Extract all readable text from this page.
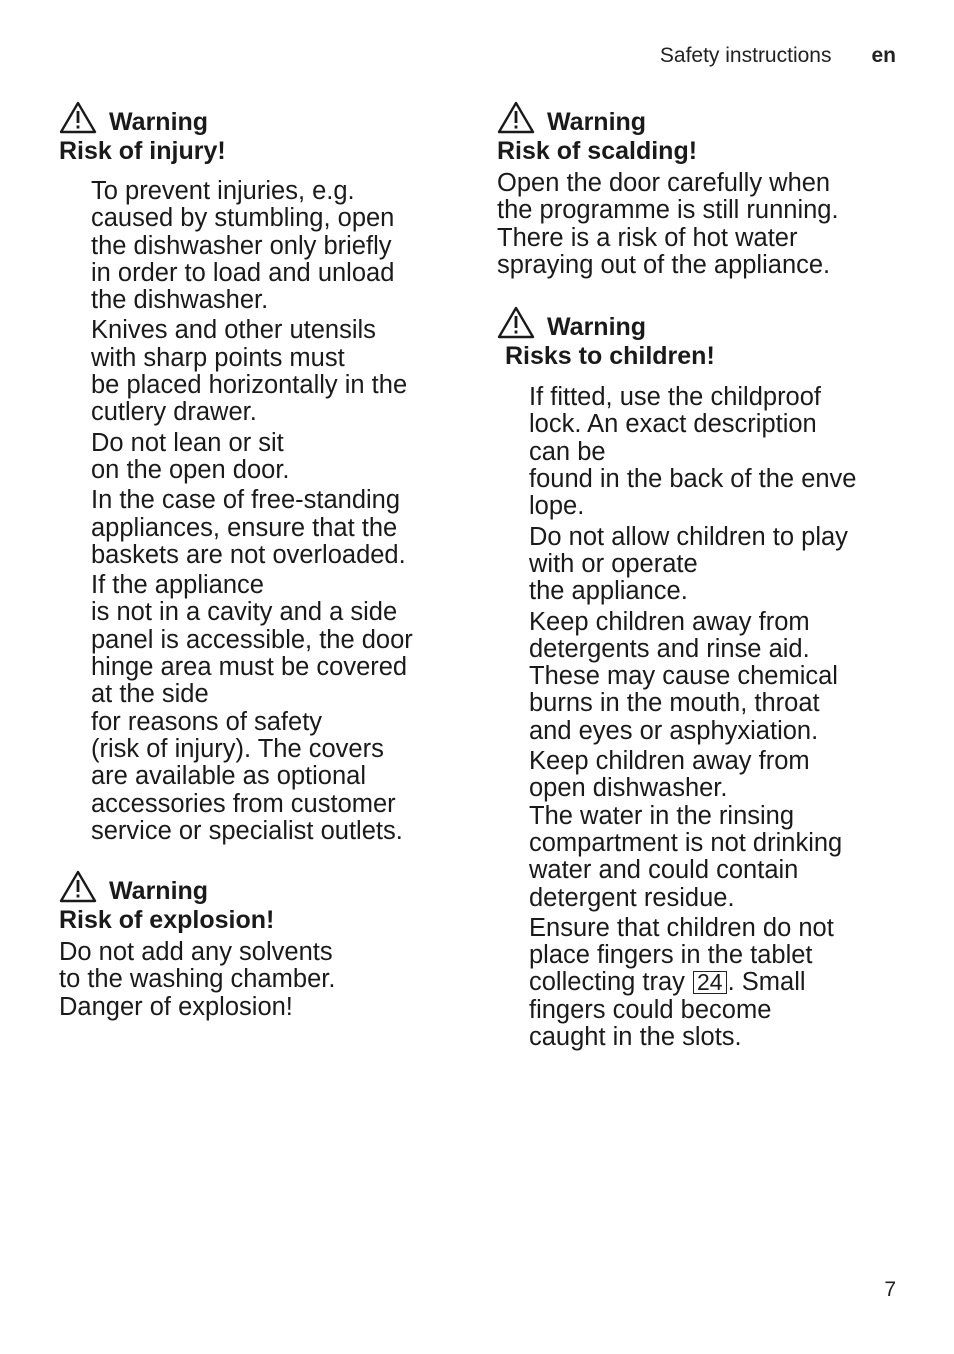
Safety instructions en
Warning
Risk of injury!
To prevent injuries, e.g.
caused by stumbling, open
the dishwasher only briefly
in order to load and unload
the dishwasher.
Knives and other utensils
with sharp points must
be placed horizontally in the
cutlery drawer.
Do not lean or sit
on the open door.
In the case of free-standing
appliances, ensure that the
baskets are not overloaded.
If the appliance
is not in a cavity and a side
panel is accessible, the door
hinge area must be covered
at the side
for reasons of safety
(risk of injury). The covers
are available as optional
accessories from customer
service or specialist outlets.
Warning
Risk of explosion!
Do not add any solvents
to the washing chamber.
Danger of explosion!
Warning
Risk of scalding!
Open the door carefully when
the programme is still running.
There is a risk of hot water
spraying out of the appliance.
Warning
Risks to children!
If fitted, use the childproof
lock. An exact description
can be
found in the back of the enve
lope.
Do not allow children to play
with or operate
the appliance.
Keep children away from
detergents and rinse aid.
These may cause chemical
burns in the mouth, throat
and eyes or asphyxiation.
Keep children away from
open dishwasher.
The water in the rinsing
compartment is not drinking
water and could contain
detergent residue.
Ensure that children do not
place fingers in the tablet
collecting tray 24 . Small
fingers could become
caught in the slots.
7
